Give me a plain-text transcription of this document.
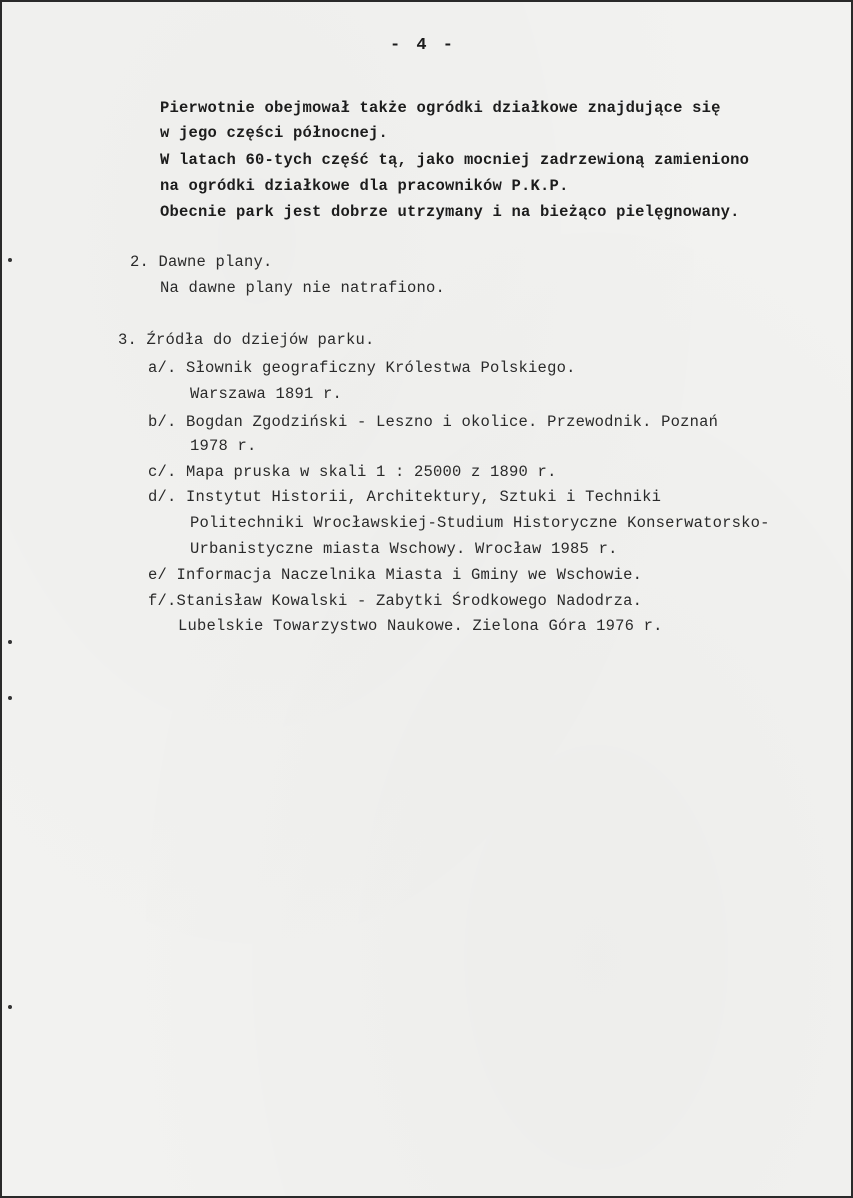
- 4 -
Pierwotnie obejmował także ogródki działkowe znajdujące się
w jego części północnej.
W latach 60-tych część tą, jako mocniej zadrzewioną zamieniono
na ogródki działkowe dla pracowników P.K.P.
Obecnie park jest dobrze utrzymany i na bieżąco pielęgnowany.
2. Dawne plany.
Na dawne plany nie natrafiono.
3. Źródła do dziejów parku.
a/. Słownik geograficzny Królestwa Polskiego.
Warszawa 1891 r.
b/. Bogdan Zgodziński - Leszno i okolice. Przewodnik. Poznań
1978 r.
c/. Mapa pruska w skali 1 : 25000 z 1890 r.
d/. Instytut Historii, Architektury, Sztuki i Techniki
Politechniki Wrocławskiej-Studium Historyczne Konserwatorsko-
Urbanistyczne miasta Wschowy. Wrocław 1985 r.
e/ Informacja Naczelnika Miasta i Gminy we Wschowie.
f/.Stanisław Kowalski - Zabytki Środkowego Nadodrza.
Lubelskie Towarzystwo Naukowe. Zielona Góra 1976 r.
